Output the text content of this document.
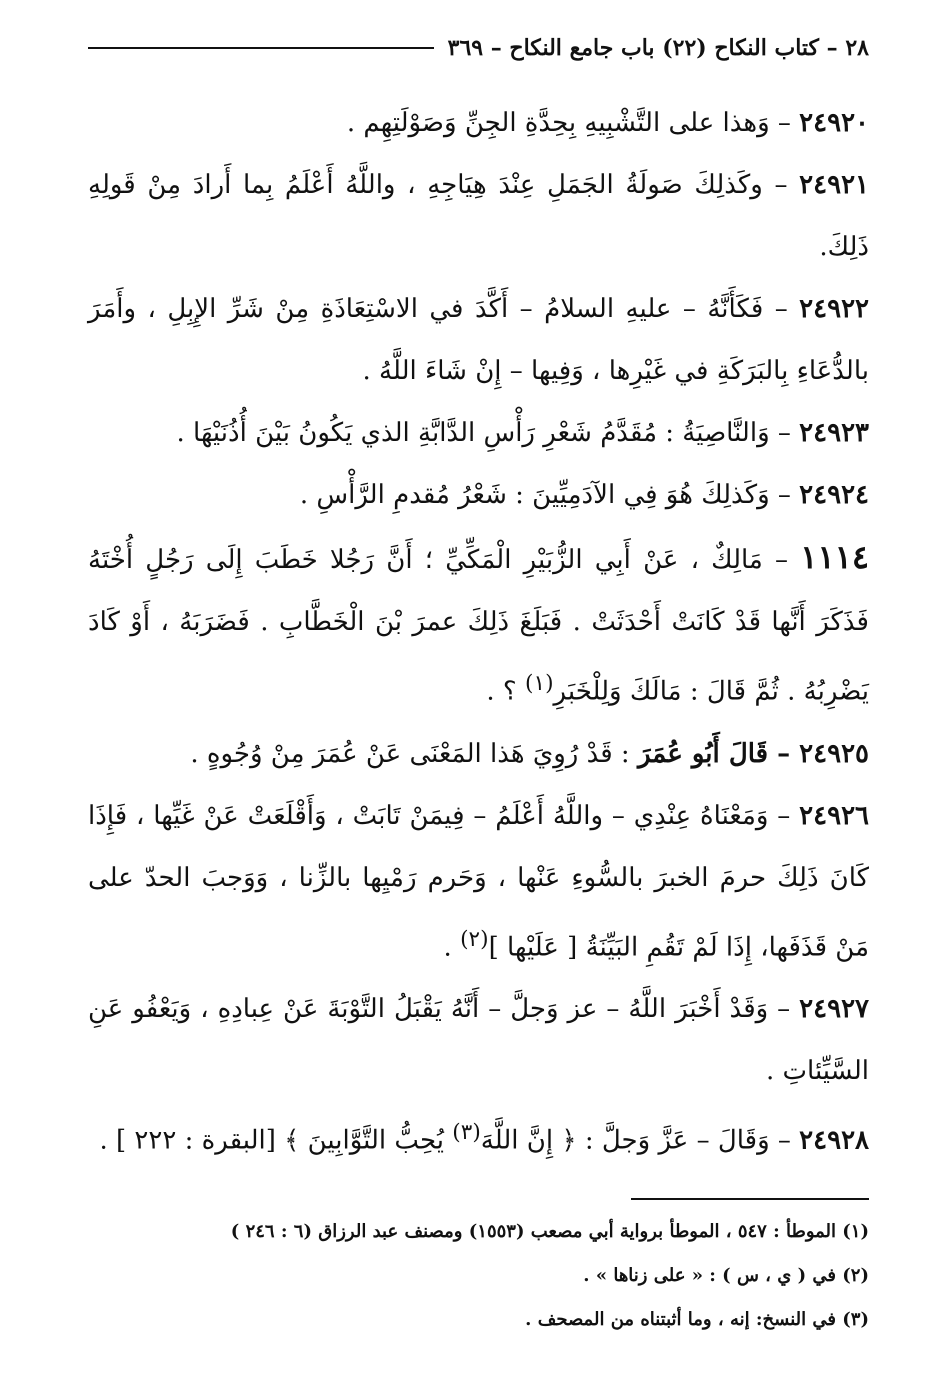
٢٨ – كتاب النكاح (٢٢) باب جامع النكاح – ٣٦٩

٢٤٩٢٠ – وَهذا على التَّشْبِيهِ بِحِدَّةِ الجِنِّ وَصَوْلَتِهِم .

٢٤٩٢١ – وكَذلِكَ صَولَةُ الجَمَلِ عِنْدَ هِيَاجِهِ ، واللَّهُ أَعْلَمُ بِما أَرادَ مِنْ قَولِهِ ذَلِكَ.

٢٤٩٢٢ – فَكَأَنَّهُ – عليهِ السلامُ – أَكَّدَ في الاسْتِعَاذَةِ مِنْ شَرِّ الإِبِلِ ، وأَمَرَ بالدُّعَاءِ بِالبَرَكَةِ في غَيْرِها ، وَفِيها – إِنْ شَاءَ اللَّهُ .

٢٤٩٢٣ – وَالنَّاصِيَةُ : مُقَدَّمُ شَعْرِ رَأْسِ الدَّابَّةِ الذي يَكُونُ بَيْنَ أُذُنَيْهَا .

٢٤٩٢٤ – وَكَذلِكَ هُوَ فِي الآدَمِيِّينَ : شَعْرُ مُقدمِ الرَّأْسِ .

١١١٤ – مَالِكٌ ، عَنْ أَبِي الزُّبَيْرِ الْمَكِّيِّ ؛ أَنَّ رَجُلا خَطَبَ إِلَى رَجُلٍ أُخْتَهُ فَذَكَرَ أَنَّها قَدْ كَانَتْ أَحْدَثَتْ . فَبَلَغَ ذَلِكَ عمرَ بْنَ الْخَطَّابِ . فَضَرَبَهُ ، أَوْ كَادَ يَضْرِبُهُ . ثُمَّ قَالَ : مَالَكَ وَلِلْخَبَرِ$^{(١)}$ ؟ .

٢٤٩٢٥ – قَالَ أَبُو عُمَرَ : قَدْ رُوِيَ هَذا المَعْنَى عَنْ عُمَرَ مِنْ وُجُوهٍ .

٢٤٩٢٦ – وَمَعْنَاهُ عِنْدِي – واللَّهُ أَعْلَمُ – فِيمَنْ تَابَتْ ، وَأَقْلَعَتْ عَنْ غَيِّها ، فَإِذَا كَانَ ذَلِكَ حرمَ الخبرَ بالسُّوءِ عَنْها ، وَحَرم رَمْيِها بالزِّنا ، وَوَجبَ الحدّ على مَنْ قَذَفَها، إِذَا لَمْ تَقُمِ البَيِّنَةُ [ عَلَيْها ]$^{(٢)}$ .

٢٤٩٢٧ – وَقَدْ أَخْبَرَ اللَّهُ – عز وَجلَّ – أَنَّهُ يَقْبَلُ التَّوْبَةَ عَنْ عِبادِهِ ، وَيَعْفُو عَنِ السَّيِّئاتِ .

٢٤٩٢٨ – وَقَالَ – عَزَّ وَجلَّ : ﴿ إِنَّ اللَّهَ$^{(٣)}$ يُحِبُّ التَّوَّابِينَ ﴾ [البقرة : ٢٢٢ ] .

(١) الموطأ : ٥٤٧ ، الموطأ برواية أبي مصعب (١٥٥٣) ومصنف عبد الرزاق (٦ : ٢٤٦ )

(٢) في ( ي ، س ) : « على زناها » .

(٣) في النسخ: إنه ، وما أثبتناه من المصحف .
